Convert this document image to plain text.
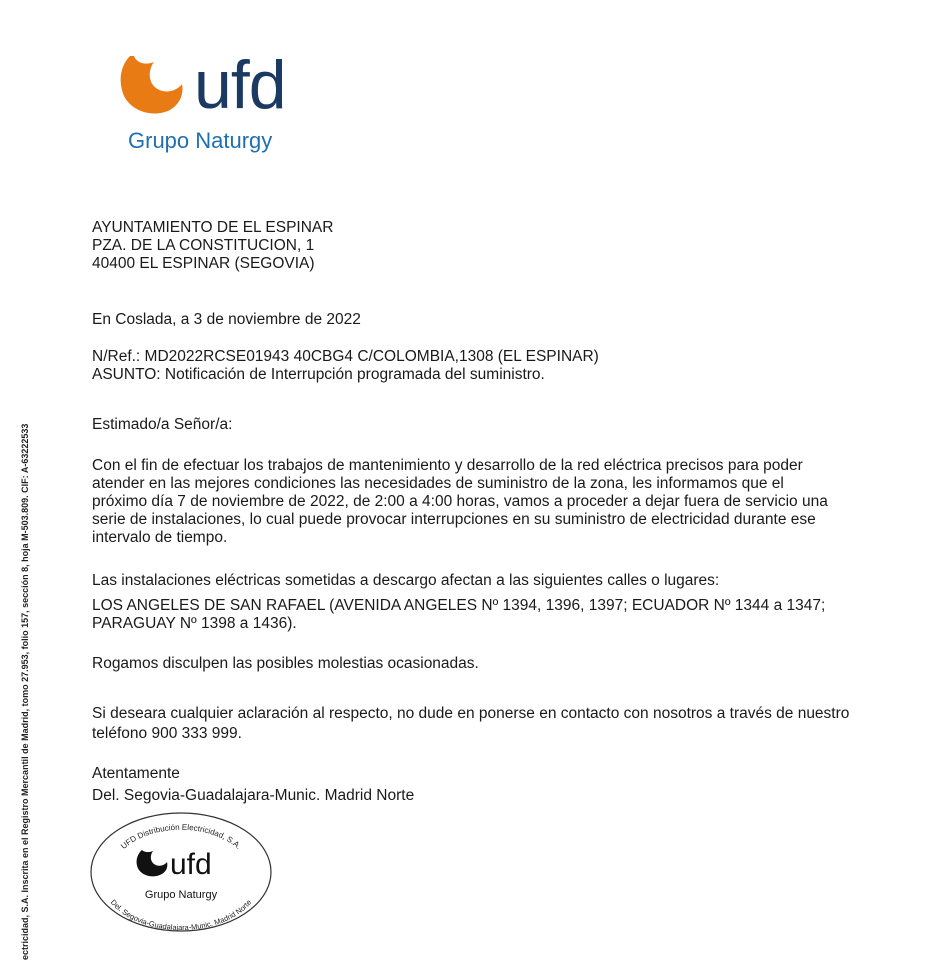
ufd
Grupo Naturgy
AYUNTAMIENTO DE EL ESPINAR
PZA. DE LA CONSTITUCION, 1
40400 EL ESPINAR (SEGOVIA)
En Coslada, a 3 de noviembre de 2022
N/Ref.: MD2022RCSE01943 40CBG4 C/COLOMBIA,1308 (EL ESPINAR)
ASUNTO: Notificación de Interrupción programada del suministro.
Estimado/a Señor/a:
Con el fin de efectuar los trabajos de mantenimiento y desarrollo de la red eléctrica precisos para poder atender en las mejores condiciones las necesidades de suministro de la zona, les informamos que el próximo día 7 de noviembre de 2022, de 2:00 a 4:00 horas, vamos a proceder a dejar fuera de servicio una serie de instalaciones, lo cual puede provocar interrupciones en su suministro de electricidad durante ese intervalo de tiempo.
Las instalaciones eléctricas sometidas a descargo afectan a las siguientes calles o lugares:
LOS ANGELES DE SAN RAFAEL (AVENIDA ANGELES Nº 1394, 1396, 1397; ECUADOR Nº 1344 a 1347; PARAGUAY Nº 1398 a 1436).
Rogamos disculpen las posibles molestias ocasionadas.
Si deseara cualquier aclaración al respecto, no dude en ponerse en contacto con nosotros a través de nuestro teléfono 900 333 999.
Atentamente
Del. Segovia-Guadalajara-Munic. Madrid Norte
UFD Distribución Electricidad, S.A.
ufd
Grupo Naturgy
Del. Segovia-Guadalajara-Munic. Madrid Norte
ectricidad, S.A. Inscrita en el Registro Mercantil de Madrid, tomo 27.953, folio 157, sección 8, hoja M-503.809. CIF: A-63222533
